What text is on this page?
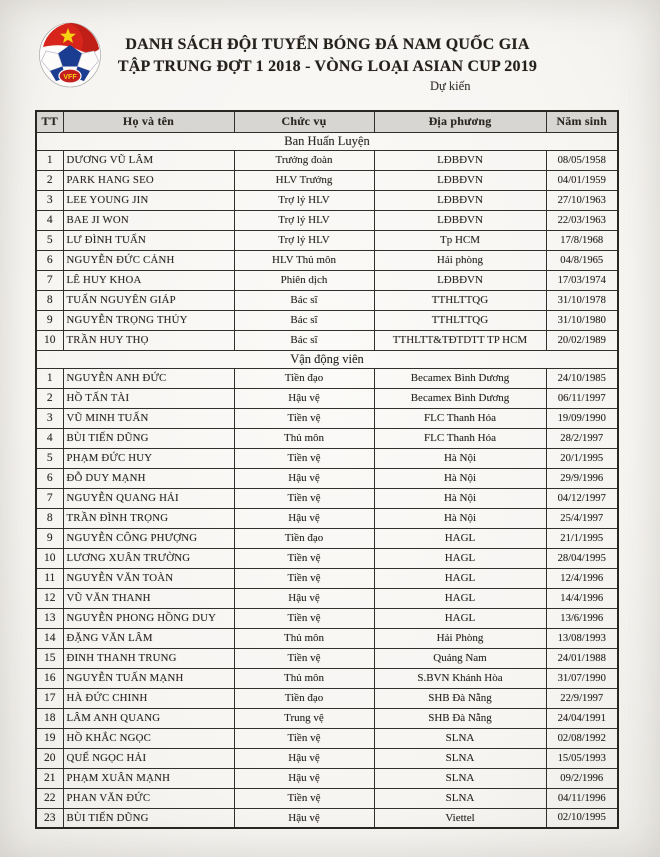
VFF
DANH SÁCH ĐỘI TUYỂN BÓNG ĐÁ NAM QUỐC GIA
TẬP TRUNG ĐỢT 1 2018 - VÒNG LOẠI ASIAN CUP 2019
Dự kiến
TT	Họ và tên	Chức vụ	Địa phương	Năm sinh
Ban Huấn Luyện				
1	DƯƠNG VŨ LÂM	Trưởng đoàn	LĐBĐVN	08/05/1958
2	PARK HANG SEO	HLV Trưởng	LĐBĐVN	04/01/1959
3	LEE YOUNG JIN	Trợ lý HLV	LĐBĐVN	27/10/1963
4	BAE JI WON	Trợ lý HLV	LĐBĐVN	22/03/1963
5	LƯ ĐÌNH TUẤN	Trợ lý HLV	Tp HCM	17/8/1968
6	NGUYỄN ĐỨC CẢNH	HLV Thủ môn	Hải phòng	04/8/1965
7	LÊ HUY KHOA	Phiên dịch	LĐBĐVN	17/03/1974
8	TUẤN NGUYÊN GIÁP	Bác sĩ	TTHLTTQG	31/10/1978
9	NGUYỄN TRỌNG THỦY	Bác sĩ	TTHLTTQG	31/10/1980
10	TRẦN HUY THỌ	Bác sĩ	TTHLTT&TĐTDTT TP HCM	20/02/1989
Vận động viên				
1	NGUYỄN ANH ĐỨC	Tiền đạo	Becamex Bình Dương	24/10/1985
2	HỒ TẤN TÀI	Hậu vệ	Becamex Bình Dương	06/11/1997
3	VŨ MINH TUẤN	Tiền vệ	FLC Thanh Hóa	19/09/1990
4	BÙI TIẾN DŨNG	Thủ môn	FLC Thanh Hóa	28/2/1997
5	PHẠM ĐỨC HUY	Tiền vệ	Hà Nội	20/1/1995
6	ĐỖ DUY MẠNH	Hậu vệ	Hà Nội	29/9/1996
7	NGUYỄN QUANG HẢI	Tiền vệ	Hà Nội	04/12/1997
8	TRẦN ĐÌNH TRỌNG	Hậu vệ	Hà Nội	25/4/1997
9	NGUYỄN CÔNG PHƯỢNG	Tiền đạo	HAGL	21/1/1995
10	LƯƠNG XUÂN TRƯỜNG	Tiền vệ	HAGL	28/04/1995
11	NGUYỄN VĂN TOÀN	Tiền vệ	HAGL	12/4/1996
12	VŨ VĂN THANH	Hậu vệ	HAGL	14/4/1996
13	NGUYỄN PHONG HỒNG DUY	Tiền vệ	HAGL	13/6/1996
14	ĐẶNG VĂN LÂM	Thủ môn	Hải Phòng	13/08/1993
15	ĐINH THANH TRUNG	Tiền vệ	Quảng Nam	24/01/1988
16	NGUYỄN TUẤN MẠNH	Thủ môn	S.BVN Khánh Hòa	31/07/1990
17	HÀ ĐỨC CHINH	Tiền đạo	SHB Đà Nẵng	22/9/1997
18	LÂM ANH QUANG	Trung vệ	SHB Đà Nẵng	24/04/1991
19	HỒ KHẮC NGỌC	Tiền vệ	SLNA	02/08/1992
20	QUẾ NGỌC HẢI	Hậu vệ	SLNA	15/05/1993
21	PHẠM XUÂN MẠNH	Hậu vệ	SLNA	09/2/1996
22	PHAN VĂN ĐỨC	Tiền vệ	SLNA	04/11/1996
23	BÙI TIẾN DŨNG	Hậu vệ	Viettel	02/10/1995
